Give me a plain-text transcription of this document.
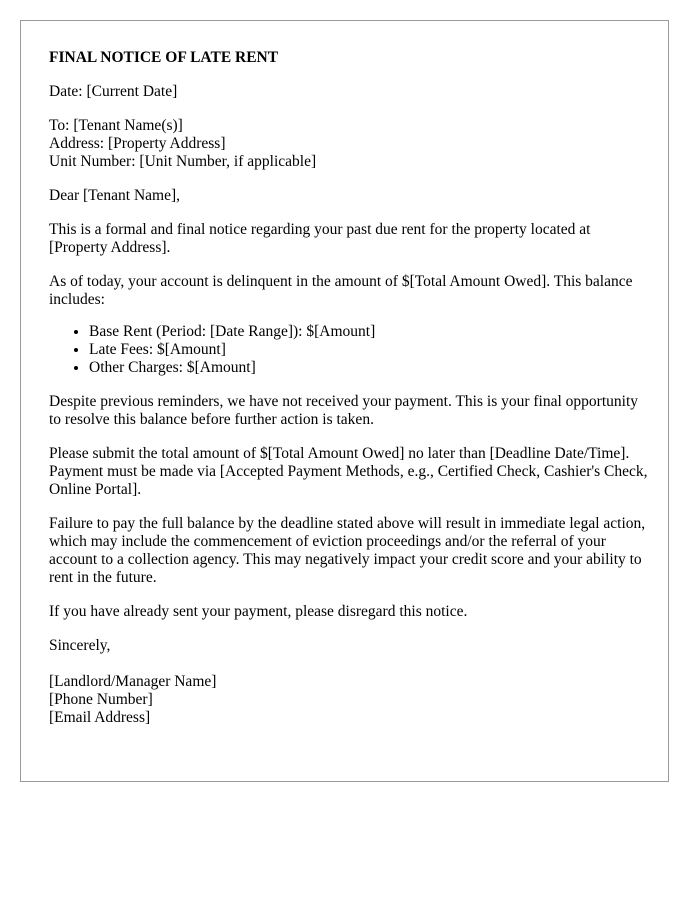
FINAL NOTICE OF LATE RENT

Date: [Current Date]

To: [Tenant Name(s)]

Address: [Property Address]

Unit Number: [Unit Number, if applicable]

Dear [Tenant Name],

This is a formal and final notice regarding your past due rent for the property located at [Property Address].

As of today, your account is delinquent in the amount of $[Total Amount Owed]. This balance includes:

• Base Rent (Period: [Date Range]): $[Amount]
• Late Fees: $[Amount]
• Other Charges: $[Amount]

Despite previous reminders, we have not received your payment. This is your final opportunity to resolve this balance before further action is taken.

Please submit the total amount of $[Total Amount Owed] no later than [Deadline Date/Time]. Payment must be made via [Accepted Payment Methods, e.g., Certified Check, Cashier's Check, Online Portal].

Failure to pay the full balance by the deadline stated above will result in immediate legal action, which may include the commencement of eviction proceedings and/or the referral of your account to a collection agency. This may negatively impact your credit score and your ability to rent in the future.

If you have already sent your payment, please disregard this notice.

Sincerely,

[Landlord/Manager Name]

[Phone Number]

[Email Address]
